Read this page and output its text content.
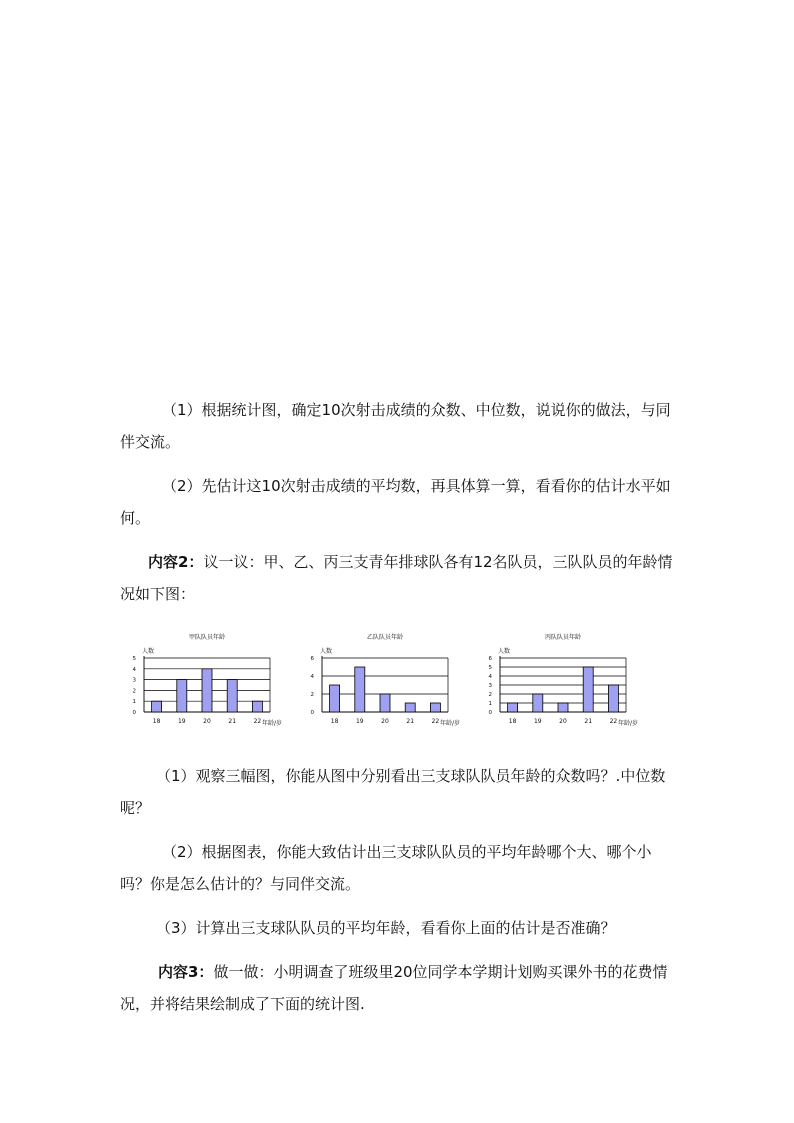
（1）根据统计图，确定10次射击成绩的众数、中位数，说说你的做法，与同伴交流。

（2）先估计这10次射击成绩的平均数，再具体算一算，看看你的估计水平如何。

内容2：议一议：甲、乙、丙三支青年排球队各有12名队员，三队队员的年龄情况如下图：

甲队队员年龄
人数
0
1
2
3
4
5
18	19	20	21	22 年龄/岁
乙队队员年龄
人数
0
2
4
6
18	19	20	21	22 年龄/岁
丙队队员年龄
人数
0
1
2
3
4
5
6
18	19	20	21	22 年龄/岁

（1）观察三幅图，你能从图中分别看出三支球队队员年龄的众数吗？.中位数呢？

（2）根据图表，你能大致估计出三支球队队员的平均年龄哪个大、哪个小吗？你是怎么估计的？与同伴交流。

（3）计算出三支球队队员的平均年龄，看看你上面的估计是否准确？

内容3：做一做：小明调查了班级里20位同学本学期计划购买课外书的花费情况，并将结果绘制成了下面的统计图.
